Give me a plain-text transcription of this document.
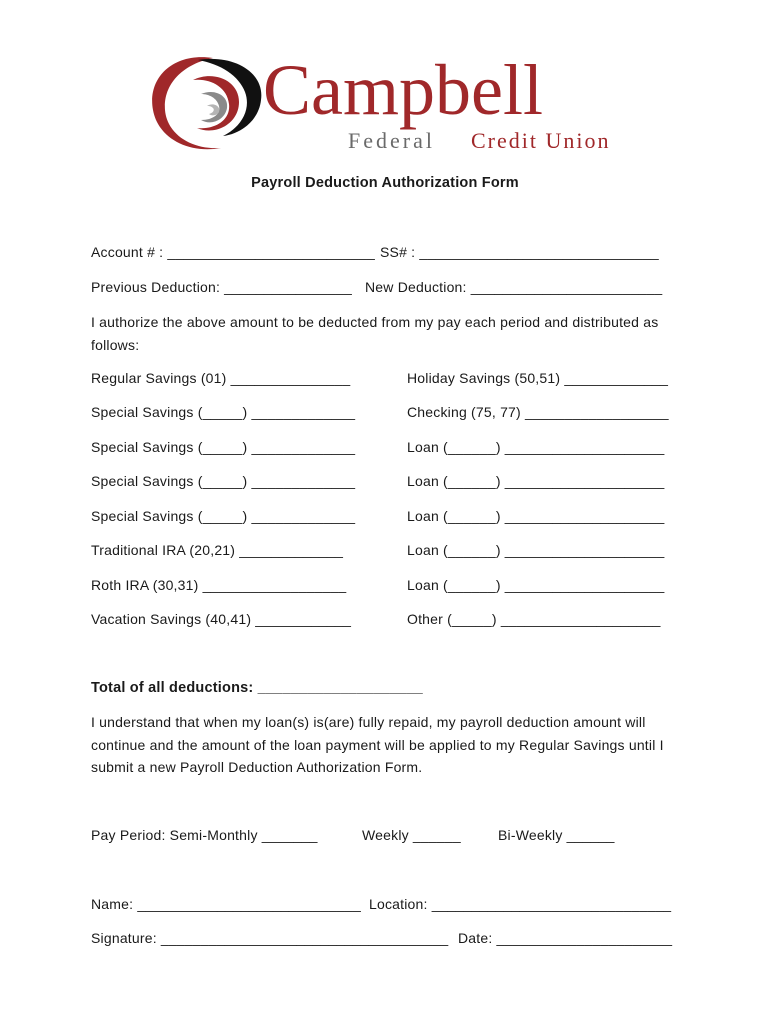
Campbell
Federal Credit Union
Payroll Deduction Authorization Form
Account # : __________________________ SS# : ______________________________
Previous Deduction: ________________ New Deduction: ________________________
I authorize the above amount to be deducted from my pay each period and distributed as follows:
Regular Savings (01) _______________
Special Savings (_____) _____________
Special Savings (_____) _____________
Special Savings (_____) _____________
Special Savings (_____) _____________
Traditional IRA (20,21) _____________
Roth IRA (30,31) __________________
Vacation Savings (40,41) ____________
Holiday Savings (50,51) _____________
Checking (75, 77) __________________
Loan (______) ____________________
Loan (______) ____________________
Loan (______) ____________________
Loan (______) ____________________
Loan (______) ____________________
Other (_____) ____________________
Total of all deductions: ____________________
I understand that when my loan(s) is(are) fully repaid, my payroll deduction amount will continue and the amount of the loan payment will be applied to my Regular Savings until I submit a new Payroll Deduction Authorization Form.
Pay Period: Semi-Monthly _______	Weekly ______	Bi-Weekly ______
Name: ____________________________ Location: ______________________________
Signature: ____________________________________ Date: ______________________
